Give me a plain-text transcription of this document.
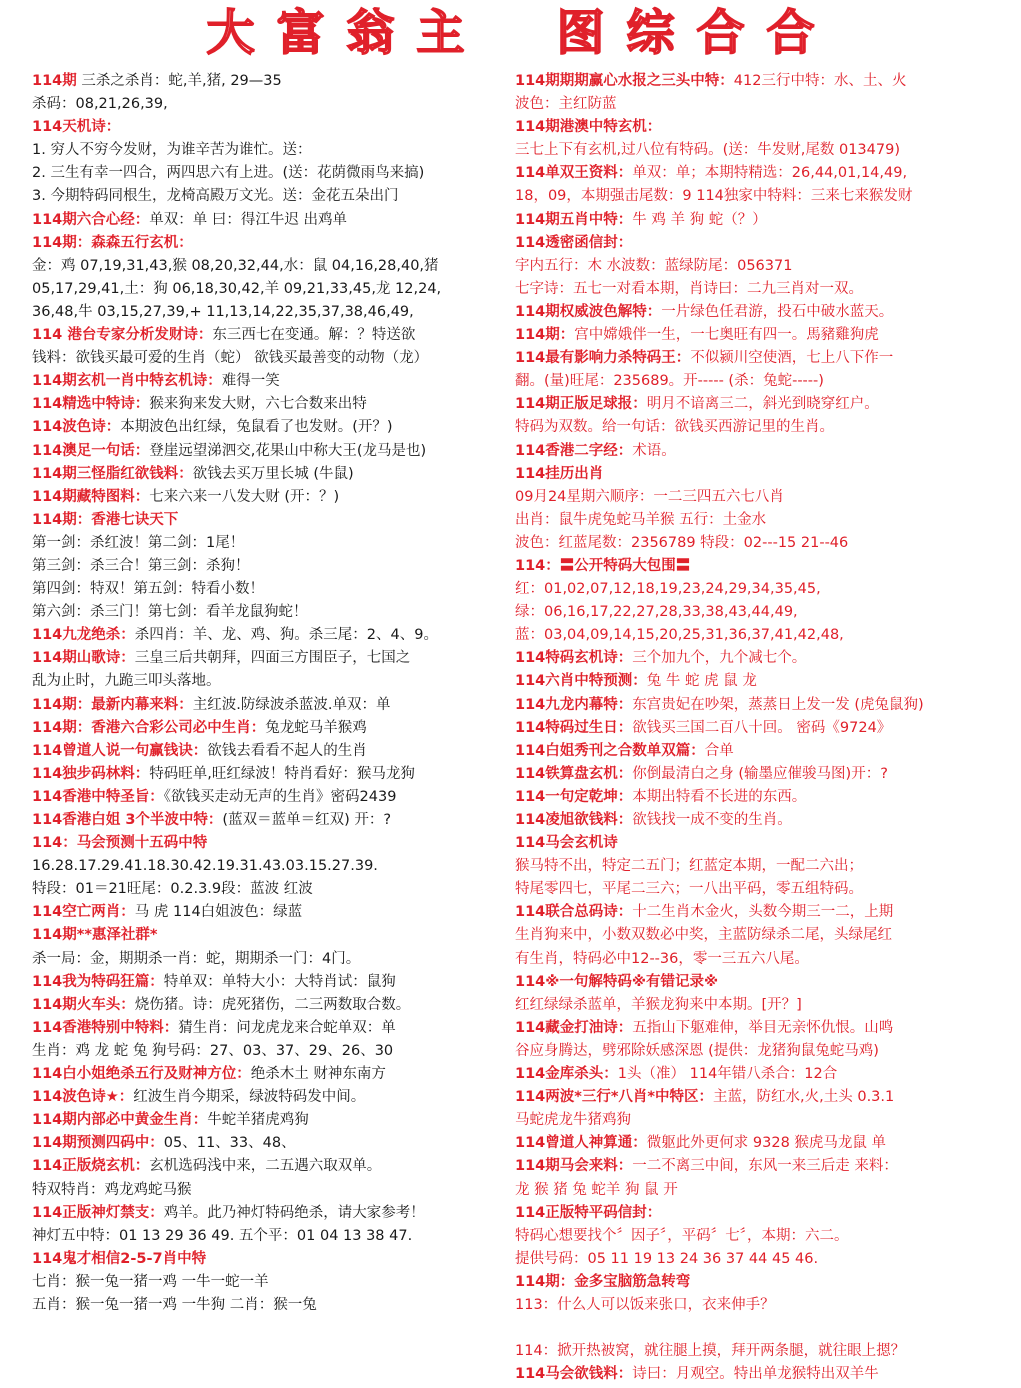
大 富 翁 主 图 综 合 合
114期 三杀之杀肖：蛇,羊,猪, 29—35
杀码：08,21,26,39,
114天机诗：
1. 穷人不穷今发财，为谁辛苦为谁忙。送：
2. 三生有幸一四合，两四思六有上进。(送：花荫微雨鸟来搞)
3. 今期特码同根生，龙椅高殿万文光。送：金花五朵出门
114期六合心经：单双：单 曰：得江牛迟 出鸡单
114期：森森五行玄机：
金：鸡 07,19,31,43,猴 08,20,32,44,水：鼠 04,16,28,40,猪
05,17,29,41,土：狗 06,18,30,42,羊 09,21,33,45,龙 12,24,
36,48,牛 03,15,27,39,+ 11,13,14,22,35,37,38,46,49,
114 港台专家分析发财诗：东三西七在变通。解：？特送欲
钱料：欲钱买最可爱的生肖（蛇） 欲钱买最善变的动物（龙）
114期玄机一肖中特玄机诗：难得一笑
114精选中特诗：猴来狗来发大财，六七合数来出特
114波色诗：本期波色出红绿，兔鼠看了也发财。(开？)
114澳足一句话：登崖远望涕泗交,花果山中称大王(龙马是也)
114期三怪脂红欲钱料：欲钱去买万里长城 (牛鼠)
114期藏特图料：七来六来一八发大财 (开：？)
114期：香港七诀天下
第一剑：杀红波！第二剑：1尾！
第三剑：杀三合！第三剑：杀狗！
第四剑：特双！第五剑：特看小数！
第六剑：杀三门！第七剑：看羊龙鼠狗蛇！
114九龙绝杀：杀四肖：羊、龙、鸡、狗。杀三尾：2、4、9。
114期山歌诗：三皇三后共朝拜，四面三方围臣子，七国之
乱为止时，九跪三叩头落地。
114期：最新内幕来料：主红波.防绿波杀蓝波.单双：单
114期：香港六合彩公司必中生肖：兔龙蛇马羊猴鸡
114曾道人说一句赢钱诀：欲钱去看看不起人的生肖
114独步码林料：特码旺单,旺红绿波！特肖看好：猴马龙狗
114香港中特圣旨：《欲钱买走动无声的生肖》密码2439
114香港白姐 3个半波中特：(蓝双＝蓝单＝红双) 开：?
114：马会预测十五码中特
16.28.17.29.41.18.30.42.19.31.43.03.15.27.39.
特段：01＝21旺尾：0.2.3.9段：蓝波 红波
114空亡两肖：马 虎 114白姐波色：绿蓝
114期**惠泽社群*
杀一局：金，期期杀一肖：蛇，期期杀一门：4门。
114我为特码狂篇：特单双：单特大小：大特肖试：鼠狗
114期火车头：烧伤猪。诗：虎死猪伤，二三两数取合数。
114香港特别中特料：猜生肖：问龙虎龙来合蛇单双：单
生肖：鸡 龙 蛇 兔 狗号码：27、03、37、29、26、30
114白小姐绝杀五行及财神方位：绝杀木土 财神东南方
114波色诗★：红波生肖今期采，绿波特码发中间。
114期内部必中黄金生肖：牛蛇羊猪虎鸡狗
114期预测四码中：05、11、33、48、
114正版烧玄机：玄机选码浅中来，二五遇六取双单。
特双特肖：鸡龙鸡蛇马猴
114正版神灯禁支：鸡羊。此乃神灯特码绝杀，请大家参考！
神灯五中特：01 13 29 36 49. 五个平：01 04 13 38 47.
114鬼才相信2-5-7肖中特
七肖：猴一兔一猪一鸡 一牛一蛇一羊
五肖：猴一兔一猪一鸡 一牛狗 二肖：猴一兔
114期期期赢心水报之三头中特：412三行中特：水、土、火
波色：主红防蓝
114期港澳中特玄机：
三七上下有玄机,过八位有特码。(送：牛发财,尾数 013479)
114单双王资料：单双：单；本期特精选：26,44,01,14,49,
18，09，本期强击尾数：9 114独家中特料：三来七来猴发财
114期五肖中特：牛 鸡 羊 狗 蛇（？）
114透密函信封：
宇内五行：木 水波数：蓝绿防尾：056371
七字诗：五七一对看本期，肖诗曰：二九三肖对一双。
114期权威波色解特：一片绿色任君游，投石中破水蓝天。
114期：宫中嫦娥伴一生，一七奥旺有四一。馬豬雞狗虎
114最有影响力杀特码王：不似颍川空使酒，七上八下作一
翻。(量)旺尾：235689。开----- (杀：兔蛇-----)
114期正版足球报：明月不谙离三二，斜光到晓穿红户。
特码为双数。给一句话：欲钱买西游记里的生肖。
114香港二字经：术语。
114挂历出肖
09月24星期六顺序：一二三四五六七八肖
出肖：鼠牛虎兔蛇马羊猴 五行：土金水
波色：红蓝尾数：2356789 特段：02---15 21--46
114：〓公开特码大包围〓
红：01,02,07,12,18,19,23,24,29,34,35,45,
绿：06,16,17,22,27,28,33,38,43,44,49,
蓝：03,04,09,14,15,20,25,31,36,37,41,42,48,
114特码玄机诗：三个加九个，九个减七个。
114六肖中特预测：兔 牛 蛇 虎 鼠 龙
114九龙内幕特：东宫贵妃在吵架，蒸蒸日上发一发 (虎兔鼠狗)
114特码过生日：欲钱买三国二百八十回。 密码《9724》
114白姐秀刊之合数单双篇：合单
114铁算盘玄机：你倒最清白之身 (输墨应催骏马图)开：?
114一句定乾坤：本期出特看不长进的东西。
114凌旭欲钱料：欲钱找一成不变的生肖。
114马会玄机诗
猴马特不出，特定二五门；红蓝定本期，一配二六出；
特尾零四七，平尾二三六；一八出平码，零五组特码。
114联合总码诗：十二生肖木金火，头数今期三一二，上期
生肖狗来中，小数双数必中奖，主蓝防绿杀二尾，头绿尾红
有生肖，特码必中12--36，零一三五六八尾。
114※一句解特码※有错记录※
红红绿绿杀蓝单，羊猴龙狗来中本期。[开？]
114藏金打油诗：五指山下躯难伸，举目无亲怀仇恨。山鸣
谷应身腾达，劈邪除妖感深恩 (提供：龙猪狗鼠兔蛇马鸡)
114金库杀头：1头（准） 114年错八杀合：12合
114两波*三行*八肖*中特区：主蓝，防红水,火,土头 0.3.1
马蛇虎龙牛猪鸡狗
114曾道人神算通：微躯此外更何求 9328 猴虎马龙鼠 单
114期马会来料：一二不离三中间，东风一来三后走 来料：
龙 猴 猪 兔 蛇羊 狗 鼠 开
114正版特平码信封：
特码心想要找个〞因子〞，平码〞七〞，本期：六二。
提供号码：05 11 19 13 24 36 37 44 45 46.
114期：金多宝脑筋急转弯
113：什么人可以饭来张口，衣来伸手？
114：掀开热被窝，就往腿上摸，拜开两条腿，就往眼上摁？
114马会欲钱料：诗曰：月观空。特出单龙猴特出双羊牛
